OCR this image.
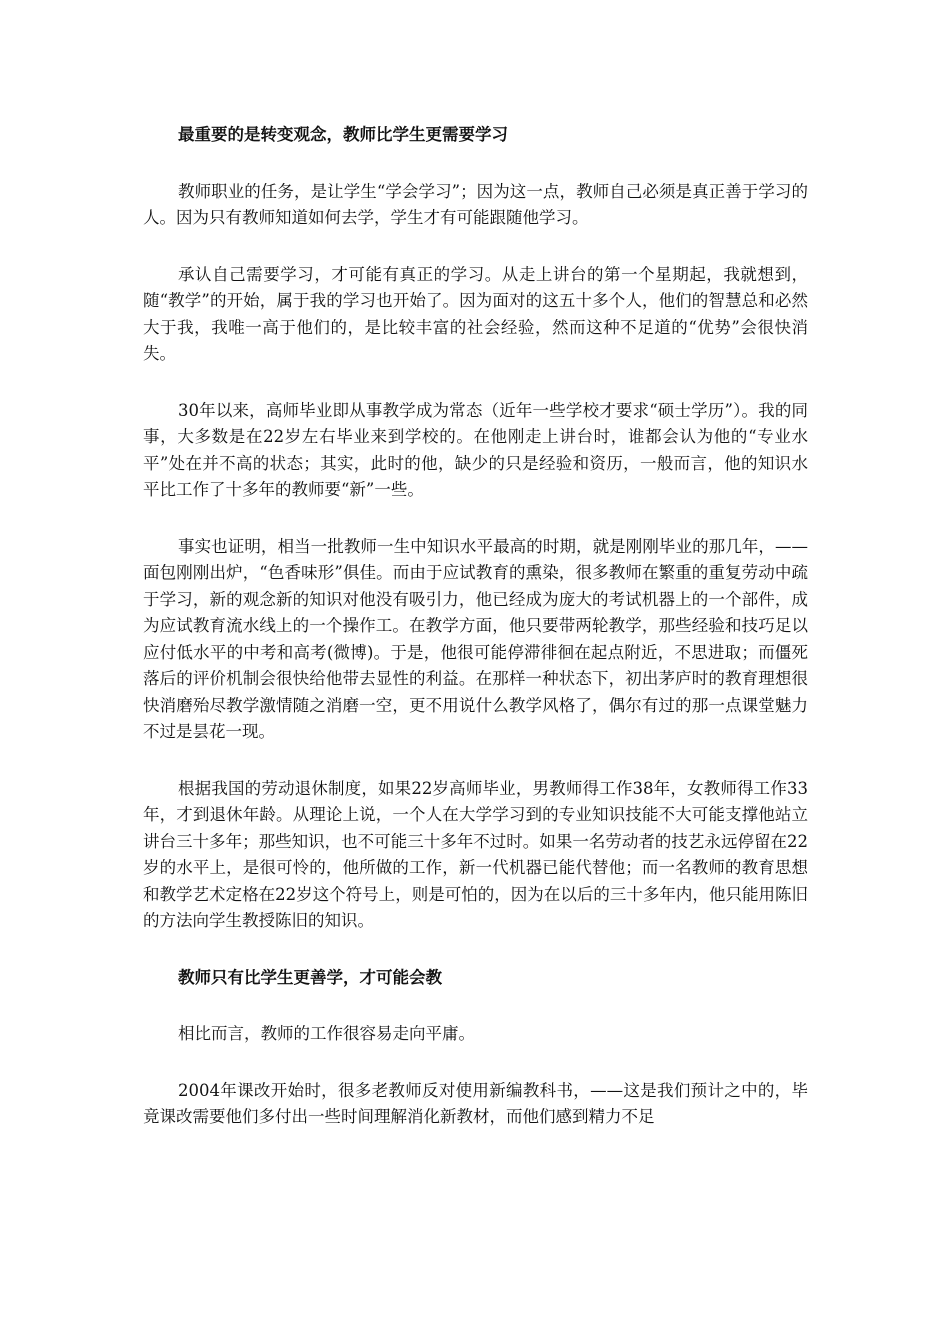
最重要的是转变观念，教师比学生更需要学习

教师职业的任务，是让学生“学会学习”；因为这一点，教师自己必须是真正善于学习的人。因为只有教师知道如何去学，学生才有可能跟随他学习。

承认自己需要学习，才可能有真正的学习。从走上讲台的第一个星期起，我就想到，随“教学”的开始，属于我的学习也开始了。因为面对的这五十多个人，他们的智慧总和必然大于我，我唯一高于他们的，是比较丰富的社会经验，然而这种不足道的“优势”会很快消失。

30年以来，高师毕业即从事教学成为常态（近年一些学校才要求“硕士学历”）。我的同事，大多数是在22岁左右毕业来到学校的。在他刚走上讲台时，谁都会认为他的“专业水平”处在并不高的状态；其实，此时的他，缺少的只是经验和资历，一般而言，他的知识水平比工作了十多年的教师要“新”一些。

事实也证明，相当一批教师一生中知识水平最高的时期，就是刚刚毕业的那几年，——面包刚刚出炉，“色香味形”俱佳。而由于应试教育的熏染，很多教师在繁重的重复劳动中疏于学习，新的观念新的知识对他没有吸引力，他已经成为庞大的考试机器上的一个部件，成为应试教育流水线上的一个操作工。在教学方面，他只要带两轮教学，那些经验和技巧足以应付低水平的中考和高考(微博)。于是，他很可能停滞徘徊在起点附近，不思进取；而僵死落后的评价机制会很快给他带去显性的利益。在那样一种状态下，初出茅庐时的教育理想很快消磨殆尽教学激情随之消磨一空，更不用说什么教学风格了，偶尔有过的那一点课堂魅力不过是昙花一现。

根据我国的劳动退休制度，如果22岁高师毕业，男教师得工作38年，女教师得工作33年，才到退休年龄。从理论上说，一个人在大学学习到的专业知识技能不大可能支撑他站立讲台三十多年；那些知识，也不可能三十多年不过时。如果一名劳动者的技艺永远停留在22岁的水平上，是很可怜的，他所做的工作，新一代机器已能代替他；而一名教师的教育思想和教学艺术定格在22岁这个符号上，则是可怕的，因为在以后的三十多年内，他只能用陈旧的方法向学生教授陈旧的知识。

教师只有比学生更善学，才可能会教

相比而言，教师的工作很容易走向平庸。

2004年课改开始时，很多老教师反对使用新编教科书，——这是我们预计之中的，毕竟课改需要他们多付出一些时间理解消化新教材，而他们感到精力不足
